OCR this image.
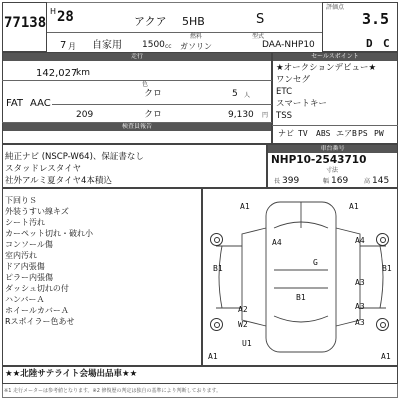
77138
H 28
7 月
アクア 5HB	S
自家用 1500 cc
燃料
ガソリン
型式
DAA-NHP10
評価点
3.5
D C
走行
142,027
km
色
クロ	5 人
FAT AAC
209	クロ	9,130 円
検査員報告
セールスポイント
★オークションデビュー★
ワンセグ
ETC
スマートキー
TSS
ナビ TV ABS エアB PS PW
純正ナビ (NSCP-W64)、保証書なし
スタッドレスタイヤ
社外アルミ夏タイヤ4本積込
車台番号
NHP10-2543710
寸法
長 399	幅 169	高 145
下回りＳ
外装うすい線キズ
シート汚れ
カーペット切れ・破れ小
コンソール傷
室内汚れ
ドア内張傷
ピラー内張傷
ダッシュ切れの付
ハンバーＡ
ホイールカバーＡ
Rスポイラー色あせ
A1	A1
A4	A4
G
B1
B1
B1
A3
W2
A2	A3
A3
U1
A1
A1
★★北陸サテライト会場出品車★★
※1 走行メーターは参考値となります。※2 修復歴の判定は独自の基準により判断しております。
